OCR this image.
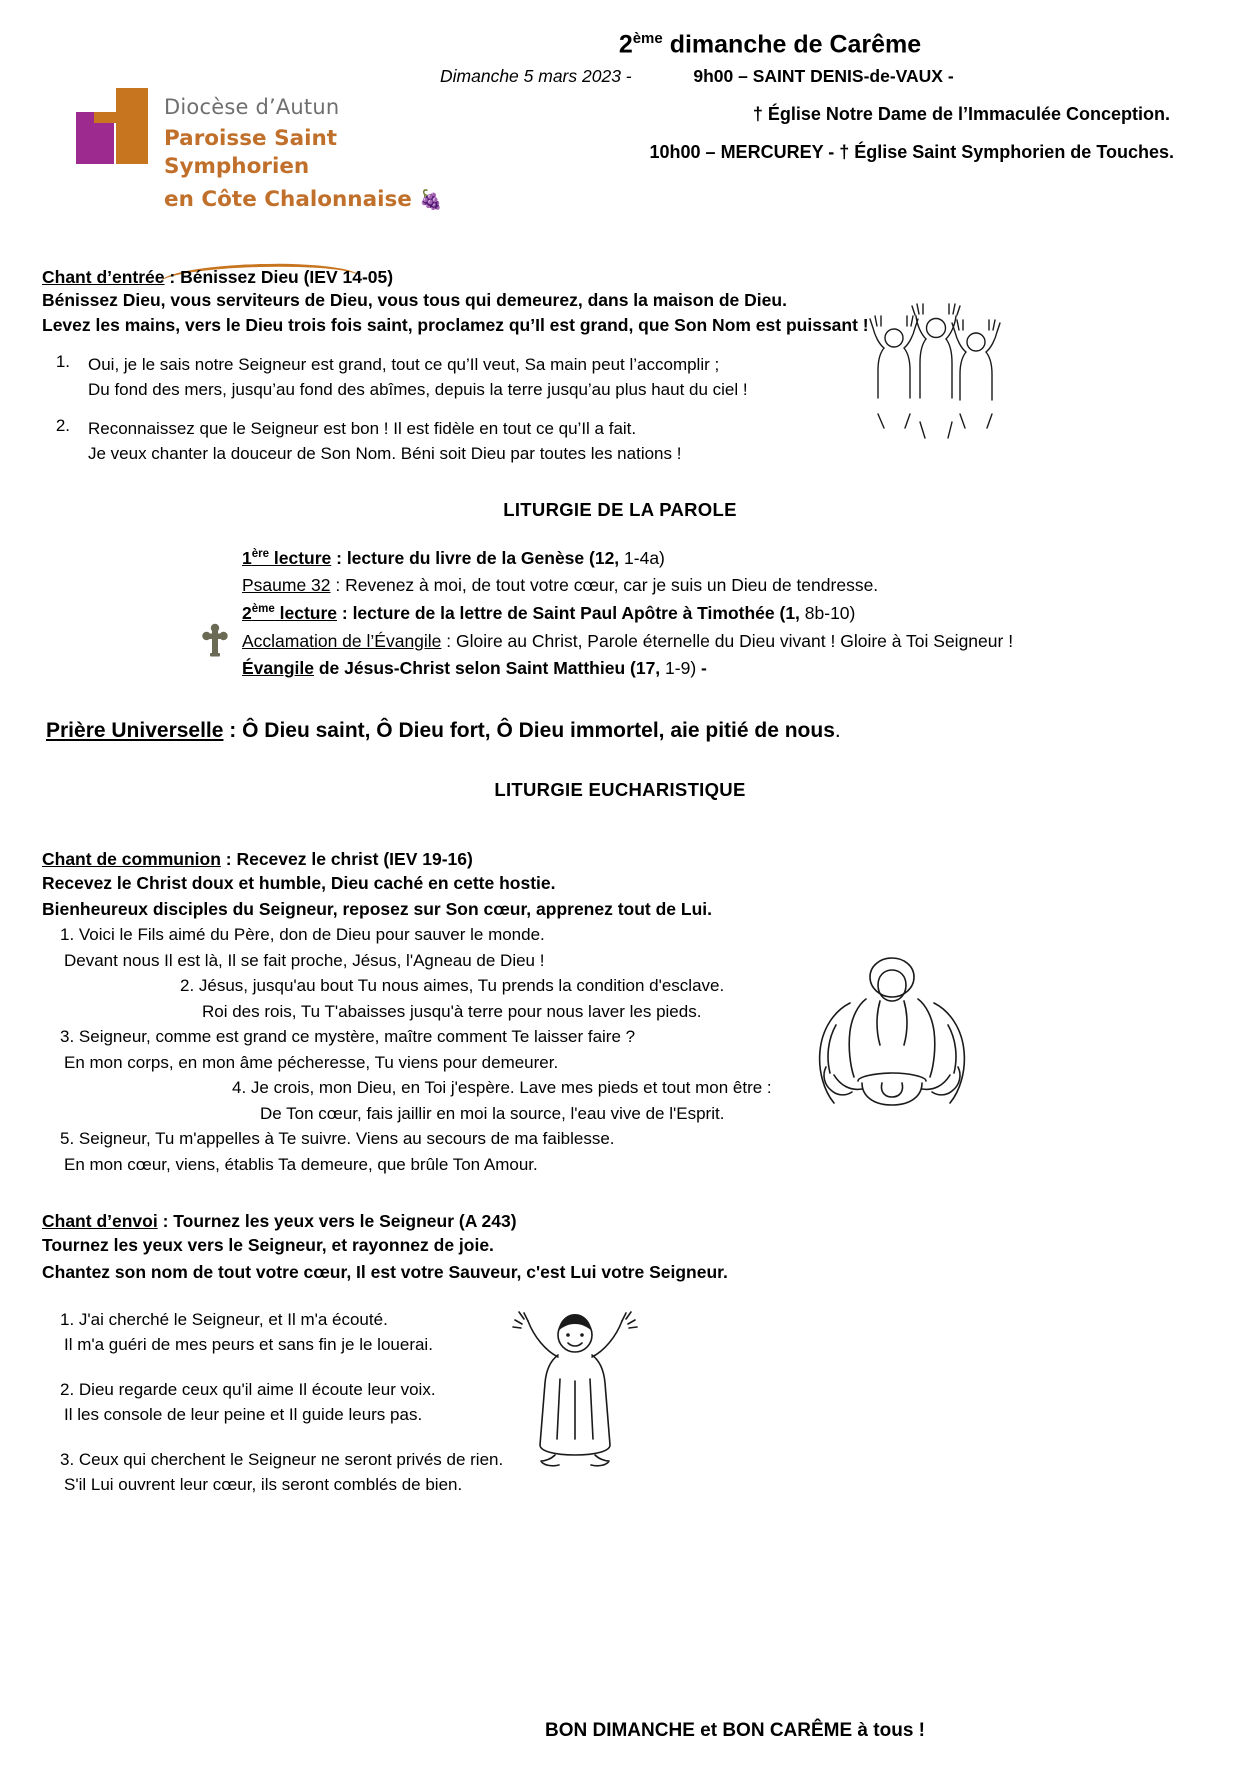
Diocèse d’Autun
Paroisse Saint Symphorien
en Côte Chalonnaise 🍇
Dimanche 5 mars 2023 -	9h00 – SAINT DENIS-de-VAUX -
† Église Notre Dame de l’Immaculée Conception.
10h00 – MERCUREY - † Église Saint Symphorien de Touches.
2ème dimanche de Carême
Chant d’entrée : Bénissez Dieu (IEV 14-05)
Bénissez Dieu, vous serviteurs de Dieu, vous tous qui demeurez, dans la maison de Dieu.
Levez les mains, vers le Dieu trois fois saint, proclamez qu’Il est grand, que Son Nom est puissant !
1.	Oui, je le sais notre Seigneur est grand, tout ce qu’Il veut, Sa main peut l’accomplir ;
Du fond des mers, jusqu’au fond des abîmes, depuis la terre jusqu’au plus haut du ciel !
2.	Reconnaissez que le Seigneur est bon ! Il est fidèle en tout ce qu’Il a fait.
Je veux chanter la douceur de Son Nom. Béni soit Dieu par toutes les nations !
LITURGIE DE LA PAROLE
1ère lecture : lecture du livre de la Genèse (12, 1-4a)
Psaume 32 : Revenez à moi, de tout votre cœur, car je suis un Dieu de tendresse.
2ème lecture : lecture de la lettre de Saint Paul Apôtre à Timothée (1, 8b-10)
Acclamation de l’Évangile : Gloire au Christ, Parole éternelle du Dieu vivant ! Gloire à Toi Seigneur !
Évangile de Jésus-Christ selon Saint Matthieu (17, 1-9) -
Prière Universelle : Ô Dieu saint, Ô Dieu fort, Ô Dieu immortel, aie pitié de nous.
LITURGIE EUCHARISTIQUE
Chant de communion : Recevez le christ (IEV 19-16)
Recevez le Christ doux et humble, Dieu caché en cette hostie.
Bienheureux disciples du Seigneur, reposez sur Son cœur, apprenez tout de Lui.
1. Voici le Fils aimé du Père, don de Dieu pour sauver le monde.
Devant nous Il est là, Il se fait proche, Jésus, l'Agneau de Dieu !
2. Jésus, jusqu'au bout Tu nous aimes, Tu prends la condition d'esclave.
Roi des rois, Tu T'abaisses jusqu'à terre pour nous laver les pieds.
3. Seigneur, comme est grand ce mystère, maître comment Te laisser faire ?
En mon corps, en mon âme pécheresse, Tu viens pour demeurer.
4. Je crois, mon Dieu, en Toi j'espère. Lave mes pieds et tout mon être :
De Ton cœur, fais jaillir en moi la source, l'eau vive de l'Esprit.
5. Seigneur, Tu m'appelles à Te suivre. Viens au secours de ma faiblesse.
En mon cœur, viens, établis Ta demeure, que brûle Ton Amour.
Chant d’envoi : Tournez les yeux vers le Seigneur (A 243)
Tournez les yeux vers le Seigneur, et rayonnez de joie.
Chantez son nom de tout votre cœur, Il est votre Sauveur, c'est Lui votre Seigneur.

1. J'ai cherché le Seigneur, et Il m'a écouté.

Il m'a guéri de mes peurs et sans fin je le louerai.

2. Dieu regarde ceux qu'il aime Il écoute leur voix.

Il les console de leur peine et Il guide leurs pas.

3. Ceux qui cherchent le Seigneur ne seront privés de rien.

S'il Lui ouvrent leur cœur, ils seront comblés de bien.

BON DIMANCHE et BON CARÊME à tous !
